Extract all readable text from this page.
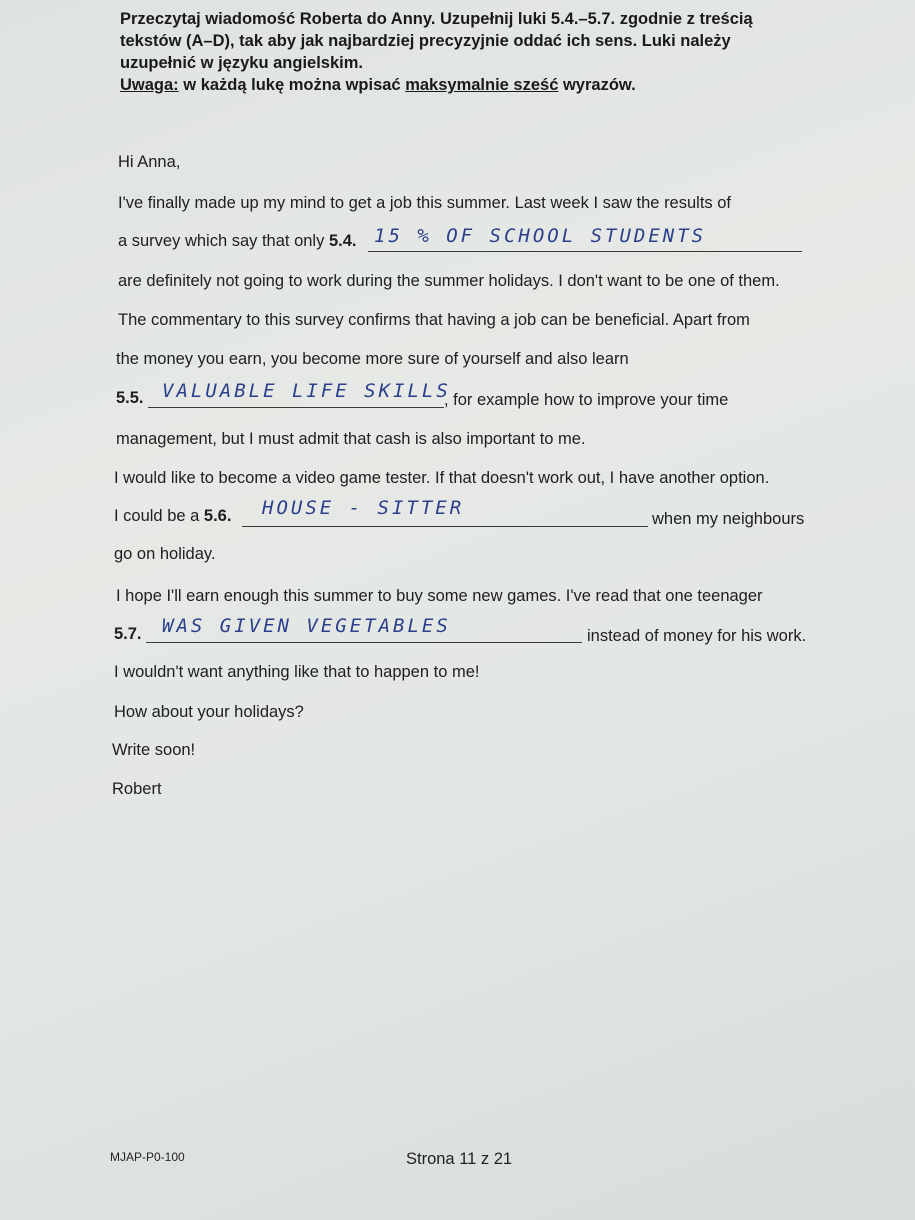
Przeczytaj wiadomość Roberta do Anny. Uzupełnij luki 5.4.–5.7. zgodnie z treścią
tekstów (A–D), tak aby jak najbardziej precyzyjnie oddać ich sens. Luki należy
uzupełnić w języku angielskim.
Uwaga: w każdą lukę można wpisać maksymalnie sześć wyrazów.
Hi Anna,
I've finally made up my mind to get a job this summer. Last week I saw the results of
a survey which say that only 5.4. 15 % OF SCHOOL STUDENTS
are definitely not going to work during the summer holidays. I don't want to be one of them.
The commentary to this survey confirms that having a job can be beneficial. Apart from
the money you earn, you become more sure of yourself and also learn
5.5. VALUABLE LIFE SKILLS
, for example how to improve your time
management, but I must admit that cash is also important to me.
I would like to become a video game tester. If that doesn't work out, I have another option.
I could be a 5.6. HOUSE - SITTER	when my neighbours
go on holiday.
I hope I'll earn enough this summer to buy some new games. I've read that one teenager
5.7. WAS GIVEN VEGETABLES	instead of money for his work.
I wouldn't want anything like that to happen to me!
How about your holidays?
Write soon!
Robert
MJAP-P0-100	Strona 11 z 21
